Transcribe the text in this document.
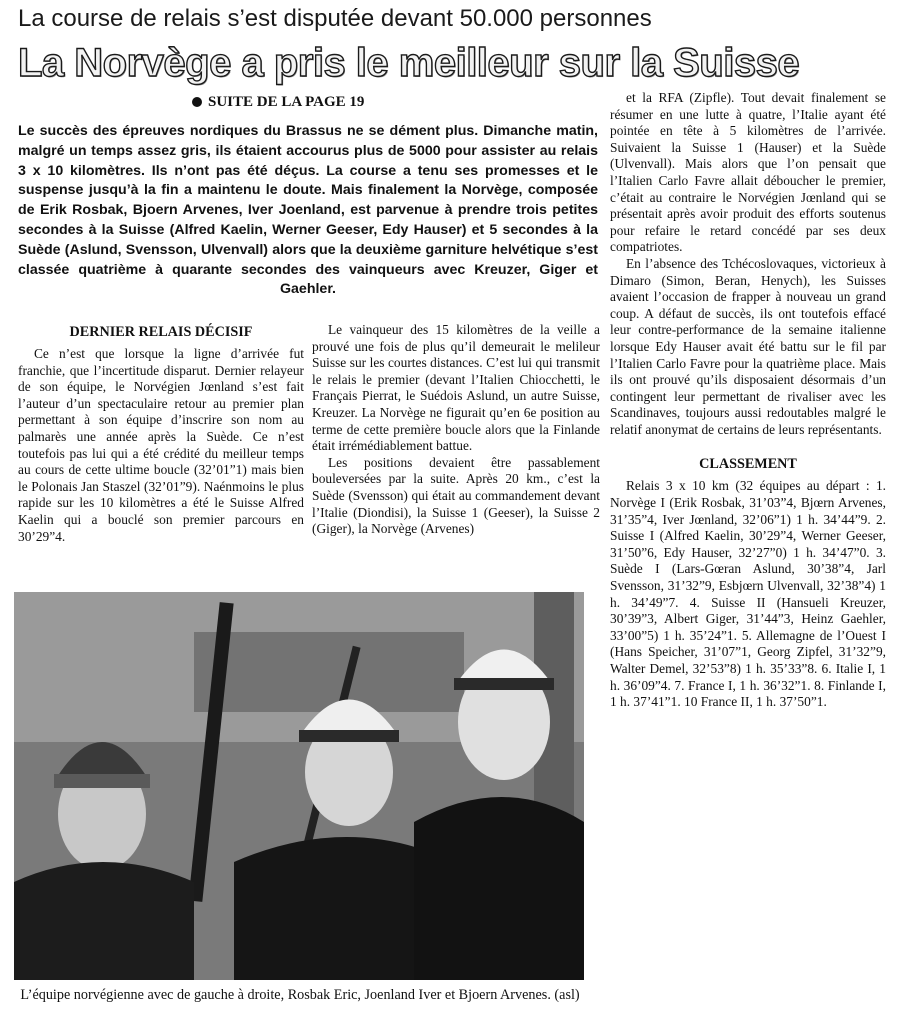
La course de relais s’est disputée devant 50.000 personnes
La Norvège a pris le meilleur sur la Suisse
SUITE DE LA PAGE 19
Le succès des épreuves nordiques du Brassus ne se dément plus. Dimanche matin, malgré un temps assez gris, ils étaient accourus plus de 5000 pour assister au relais 3 x 10 kilomètres. Ils n’ont pas été déçus. La course a tenu ses promesses et le suspense jusqu’à la fin a maintenu le doute. Mais finalement la Norvège, composée de Erik Rosbak, Bjoern Arvenes, Iver Joenland, est parvenue à prendre trois petites secondes à la Suisse (Alfred Kaelin, Werner Geeser, Edy Hauser) et 5 secondes à la Suède (Aslund, Svensson, Ulvenvall) alors que la deuxième garniture helvétique s’est classée quatrième à quarante secondes des vainqueurs avec Kreuzer, Giger et Gaehler.
DERNIER RELAIS DÉCISIF

Ce n’est que lorsque la ligne d’arrivée fut franchie, que l’incertitude disparut. Dernier relayeur de son équipe, le Norvégien Jœnland s’est fait l’auteur d’un spectaculaire retour au premier plan permettant à son équipe d’inscrire son nom au palmarès une année après la Suède. Ce n’est toutefois pas lui qui a été crédité du meilleur temps au cours de cette ultime boucle (32’01”1) mais bien le Polonais Jan Staszel (32’01”9). Naénmoins le plus rapide sur les 10 kilomètres a été le Suisse Alfred Kaelin qui a bouclé son premier parcours en 30’29”4.

Le vainqueur des 15 kilomètres de la veille a prouvé une fois de plus qu’il demeurait le melileur Suisse sur les courtes distances. C’est lui qui transmit le relais le premier (devant l’Italien Chiocchetti, le Français Pierrat, le Suédois Aslund, un autre Suisse, Kreuzer. La Norvège ne figurait qu’en 6e position au terme de cette première boucle alors que la Finlande était irrémédiablement battue.

Les positions devaient être passablement bouleversées par la suite. Après 20 km., c’est la Suède (Svensson) qui était au commandement devant l’Italie (Diondisi), la Suisse 1 (Geeser), la Suisse 2 (Giger), la Norvège (Arvenes)

et la RFA (Zipfle). Tout devait finalement se résumer en une lutte à quatre, l’Italie ayant été pointée en tête à 5 kilomètres de l’arrivée. Suivaient la Suisse 1 (Hauser) et la Suède (Ulvenvall). Mais alors que l’on pensait que l’Italien Carlo Favre allait déboucher le premier, c’était au contraire le Norvégien Jœnland qui se présentait après avoir produit des efforts soutenus pour refaire le retard concédé par ses deux compatriotes.

En l’absence des Tchécoslovaques, victorieux à Dimaro (Simon, Beran, Henych), les Suisses avaient l’occasion de frapper à nouveau un grand coup. A défaut de succès, ils ont toutefois effacé leur contre-performance de la semaine italienne lorsque Edy Hauser avait été battu sur le fil par l’Italien Carlo Favre pour la quatrième place. Mais ils ont prouvé qu’ils disposaient désormais d’un contingent leur permettant de rivaliser avec les Scandinaves, toujours aussi redoutables malgré le relatif anonymat de certains de leurs représentants.

CLASSEMENT

Relais 3 x 10 km (32 équipes au départ : 1. Norvège I (Erik Rosbak, 31’03”4, Bjœrn Arvenes, 31’35”4, Iver Jœnland, 32’06”1) 1 h. 34’44”9. 2. Suisse I (Alfred Kaelin, 30’29”4, Werner Geeser, 31’50”6, Edy Hauser, 32’27”0) 1 h. 34’47”0. 3. Suède I (Lars-Gœran Aslund, 30’38”4, Jarl Svensson, 31’32”9, Esbjœrn Ulvenvall, 32’38”4) 1 h. 34’49”7. 4. Suisse II (Hansueli Kreuzer, 30’39”3, Albert Giger, 31’44”3, Heinz Gaehler, 33’00”5) 1 h. 35’24”1. 5. Allemagne de l’Ouest I (Hans Speicher, 31’07”1, Georg Zipfel, 31’32”9, Walter Demel, 32’53”8) 1 h. 35’33”8. 6. Italie I, 1 h. 36’09”4. 7. France I, 1 h. 36’32”1. 8. Finlande I, 1 h. 37’41”1. 10 France II, 1 h. 37’50”1.

L’équipe norvégienne avec de gauche à droite, Rosbak Eric, Joenland Iver et Bjoern Arvenes. (asl)
